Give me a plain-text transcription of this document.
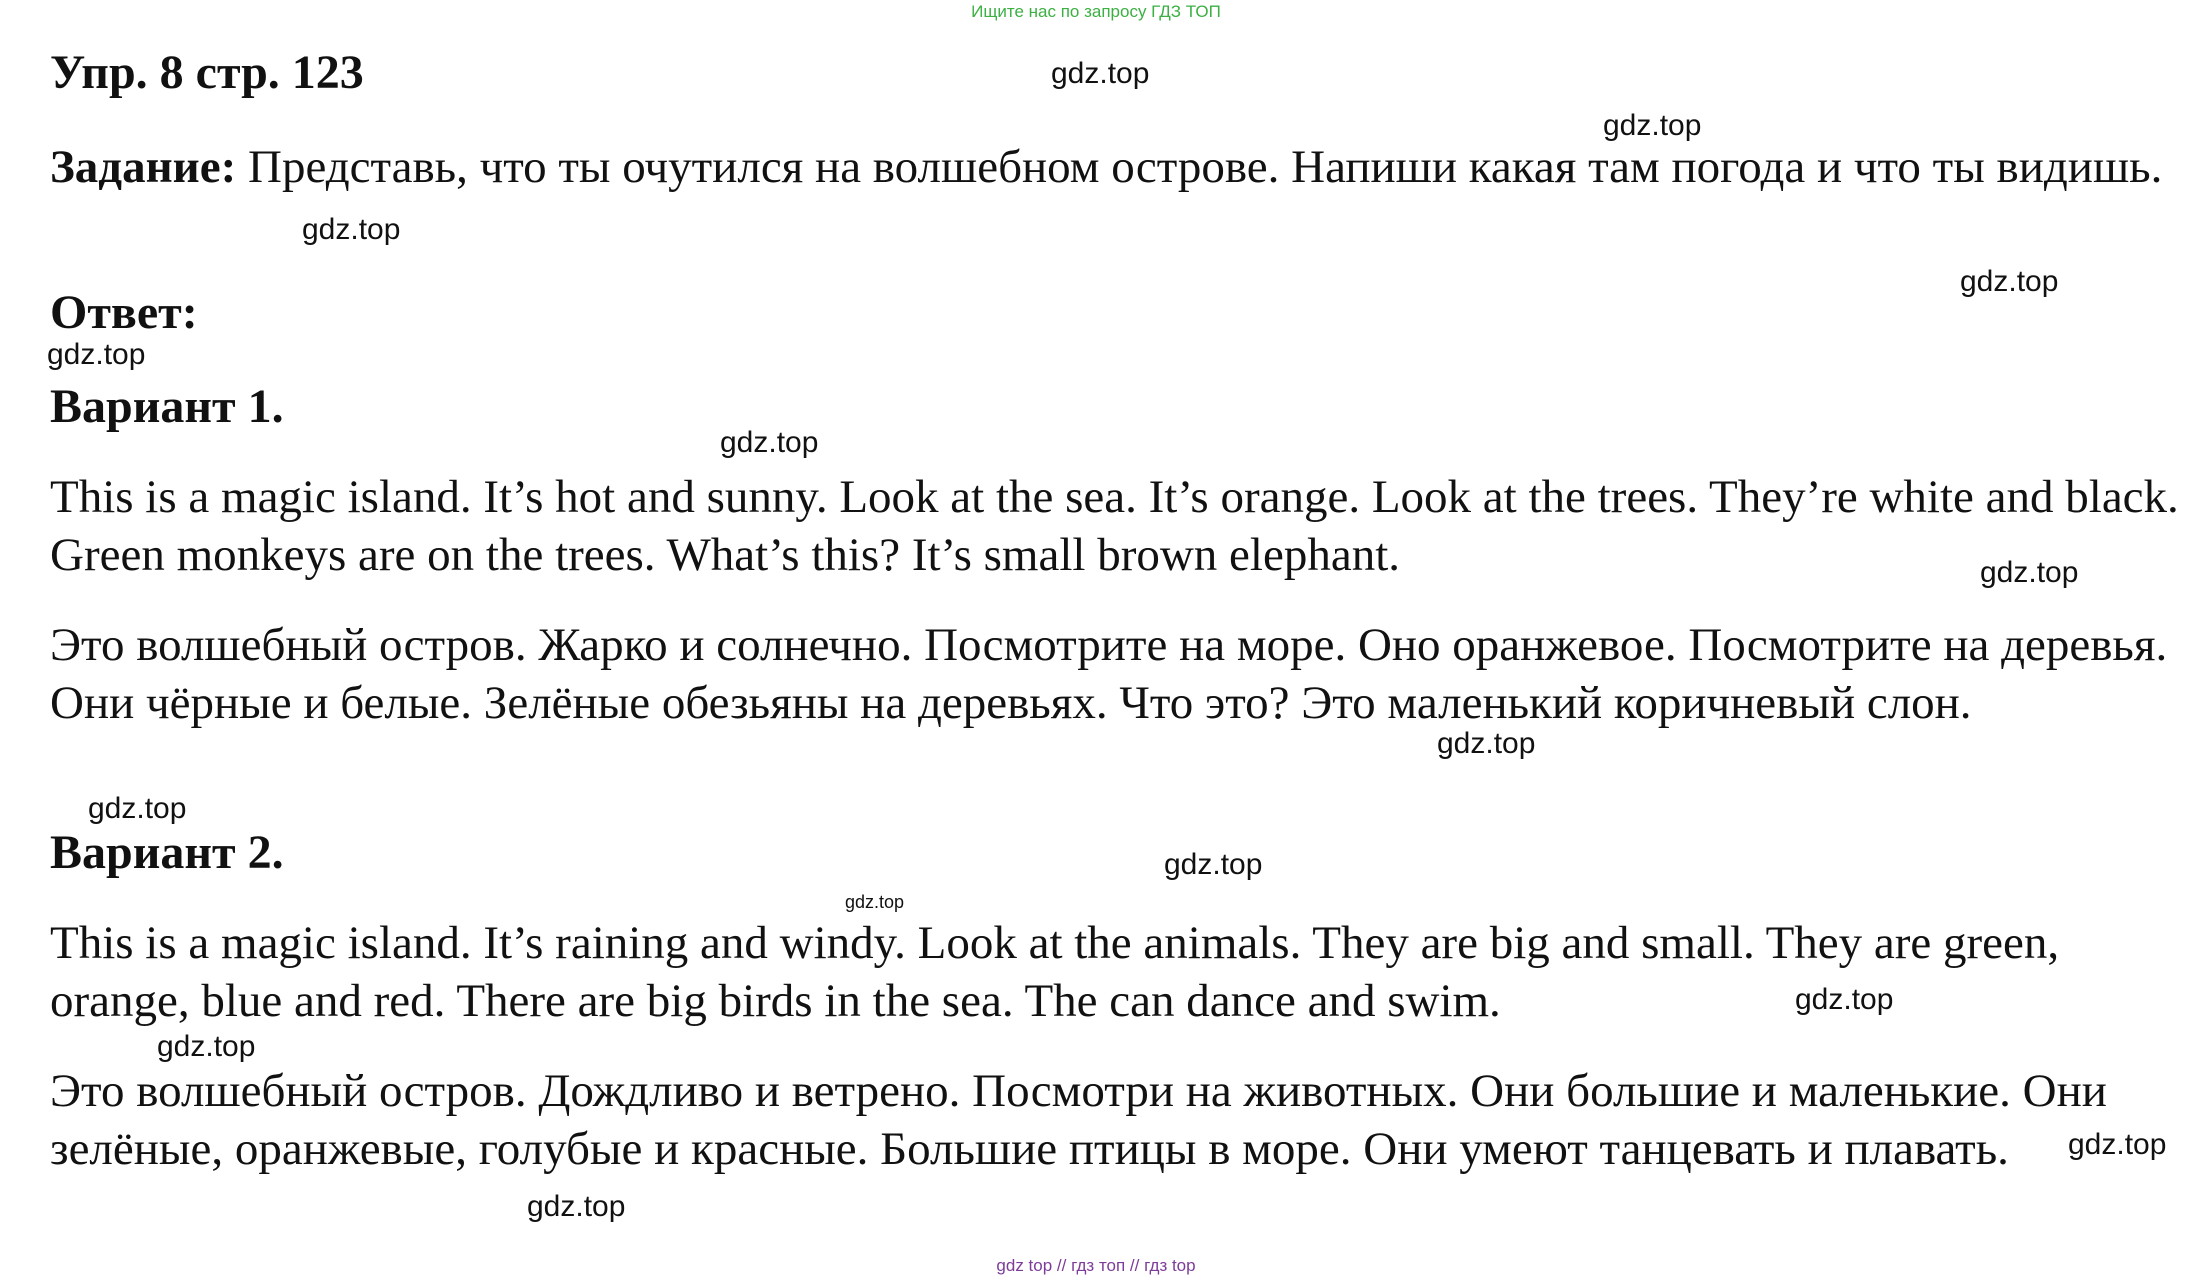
Ищите нас по запросу ГДЗ ТОП
Упр. 8 стр. 123
Задание: Представь, что ты очутился на волшебном острове. Напиши какая там погода и что ты видишь.
Ответ:
Вариант 1.
This is a magic island. It’s hot and sunny. Look at the sea. It’s orange. Look at the trees. They’re white and black. Green monkeys are on the trees. What’s this? It’s small brown elephant.
Это волшебный остров. Жарко и солнечно. Посмотрите на море. Оно оранжевое. Посмотрите на деревья. Они чёрные и белые. Зелёные обезьяны на деревьях. Что это? Это маленький коричневый слон.
Вариант 2.
This is a magic island. It’s raining and windy. Look at the animals. They are big and small. They are green, orange, blue and red. There are big birds in the sea. The can dance and swim.
Это волшебный остров. Дождливо и ветрено. Посмотри на животных. Они большие и маленькие. Они зелёные, оранжевые, голубые и красные. Большие птицы в море. Они умеют танцевать и плавать.
gdz.top
gdz.top
gdz.top
gdz.top
gdz.top
gdz.top
gdz.top
gdz.top
gdz.top
gdz.top
gdz.top
gdz.top
gdz.top
gdz.top
gdz.top
gdz top // гдз топ // гдз top
